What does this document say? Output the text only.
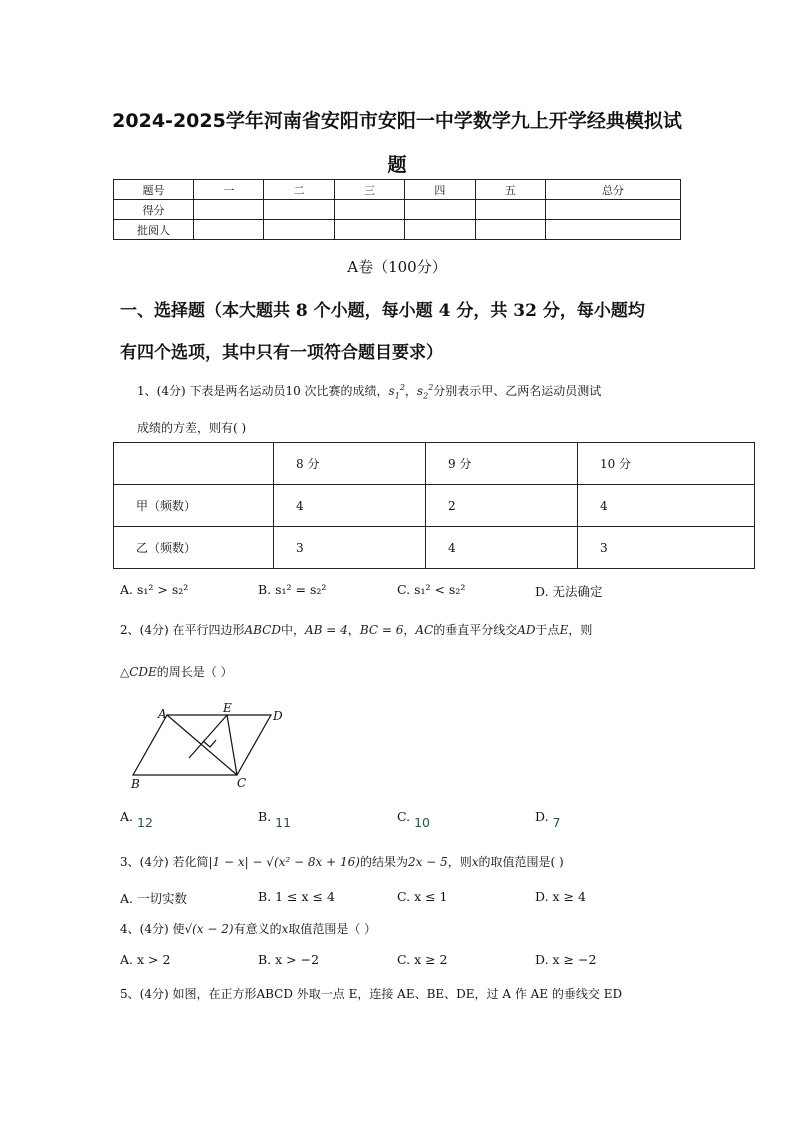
2024-2025学年河南省安阳市安阳一中学数学九上开学经典模拟试
题
题号	一	二	三	四	五	总分
得分						
批阅人						
A卷（100分）
一、选择题（本大题共 8 个小题，每小题 4 分，共 32 分，每小题均
有四个选项，其中只有一项符合题目要求）
1、(4分) 下表是两名运动员10 次比赛的成绩，$s_1^2$，$s_2^2$分别表示甲、乙两名运动员测试
成绩的方差，则有( )
	8 分	9 分	10 分
甲（频数）	4	2	4
乙（频数）	3	4	3
A. s₁² > s₂²	B. s₁² = s₂²	C. s₁² < s₂²	D. 无法确定
2、(4分) 在平行四边形ABCD中，AB = 4，BC = 6，AC的垂直平分线交AD于点E，则
△CDE的周长是（ ）
A	E
D
B	C
A. 12	B. 11	C. 10	D. 7
3、(4分) 若化简|1 − x| − √(x² − 8x + 16)的结果为2x − 5，则x的取值范围是( )
A. 一切实数	B. 1 ≤ x ≤ 4	C. x ≤ 1	D. x ≥ 4
4、(4分) 使√(x − 2)有意义的x取值范围是（ ）
A. x > 2	B. x > −2	C. x ≥ 2	D. x ≥ −2
5、(4分) 如图，在正方形ABCD 外取一点 E，连接 AE、BE、DE，过 A 作 AE 的垂线交 ED
